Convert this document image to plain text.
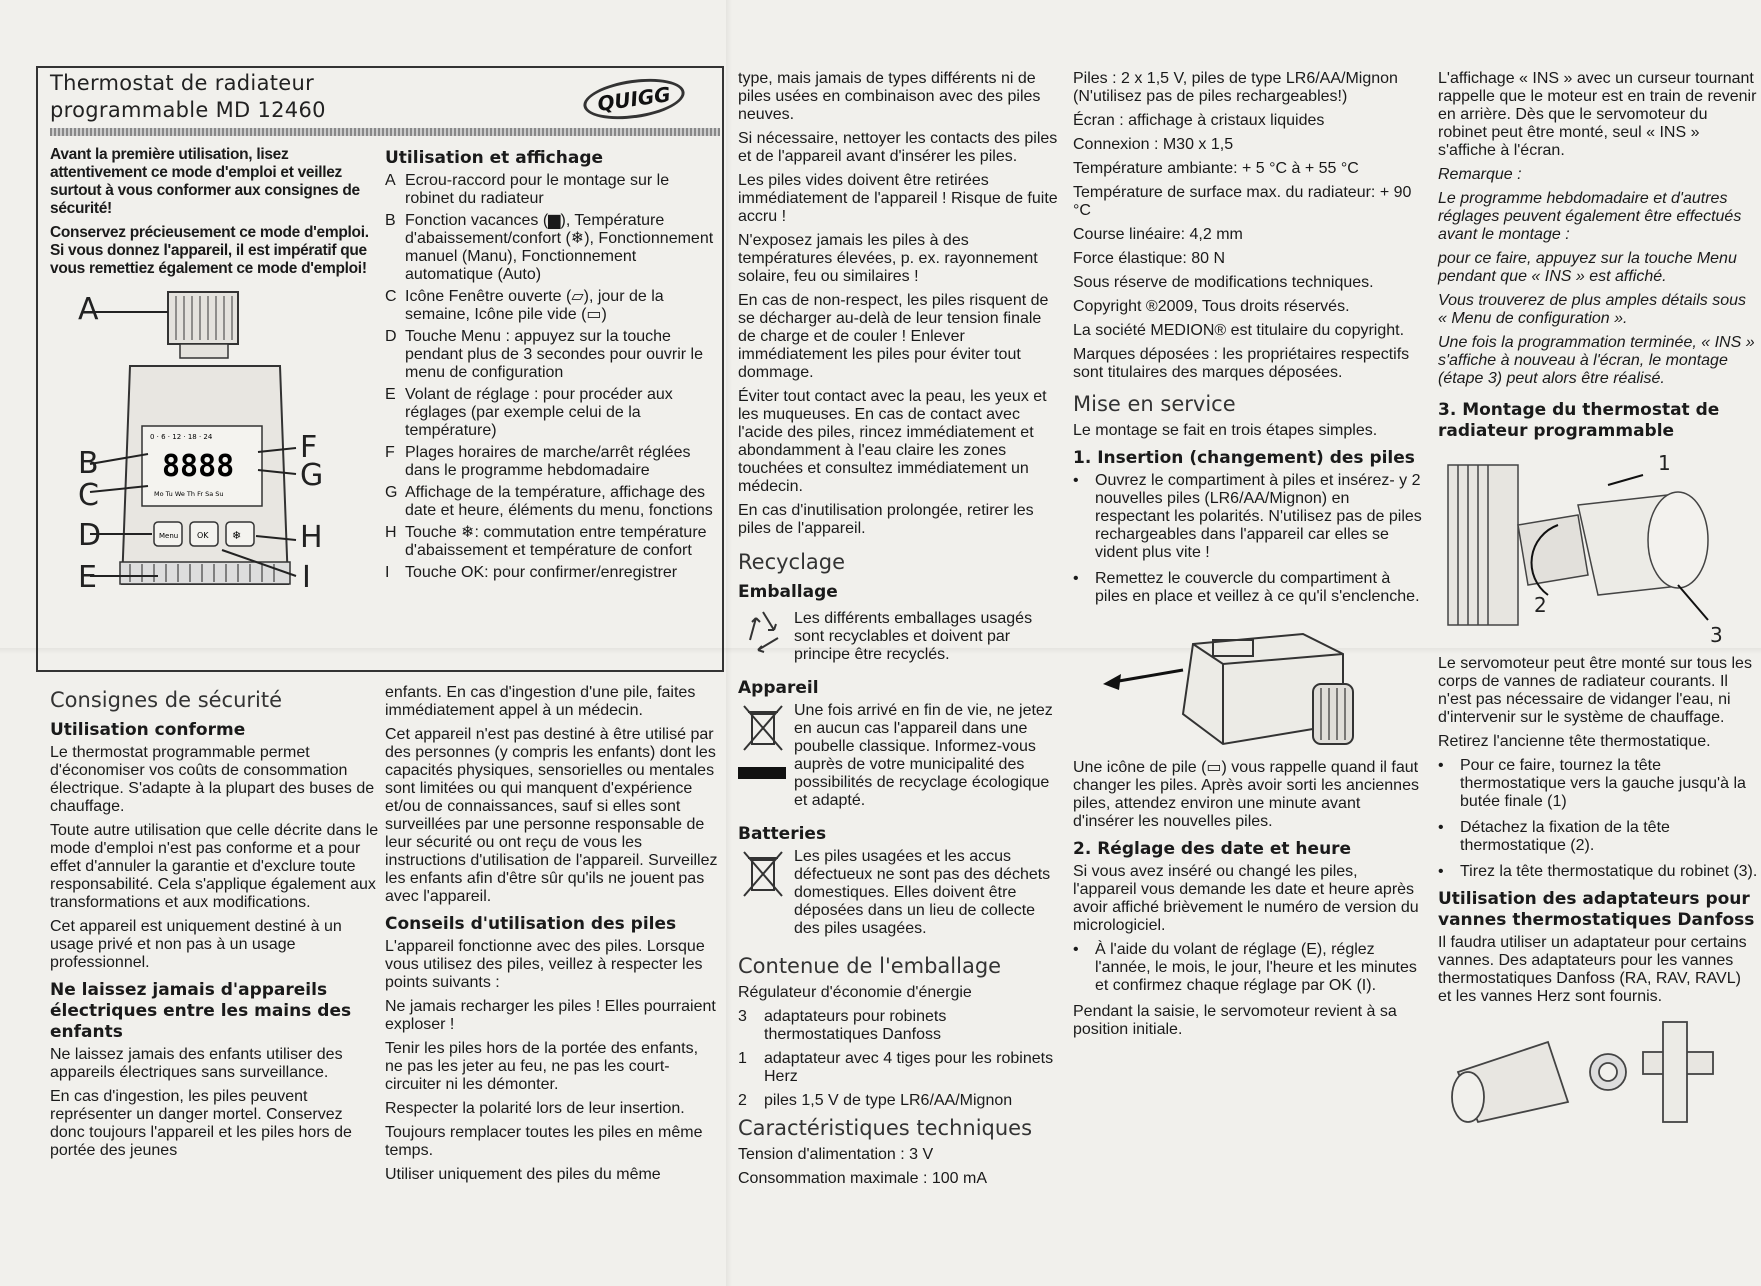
QUIGG
Thermostat de radiateur
programmable MD 12460

Avant la première utilisation, lisez attentivement ce mode d'emploi et veillez surtout à vous conformer aux consignes de sécurité!

Conservez précieusement ce mode d'emploi. Si vous donnez l'appareil, il est impératif que vous remettiez également ce mode d'emploi!

0 · 6 · 12 · 18 · 24
8888
Mo Tu We Th Fr Sa Su
Menu OK ❄
A
B
C
D
E
F
G
H
I
Utilisation et affichage
A Ecrou-raccord pour le montage sur le robinet du radiateur
B Fonction vacances (▆), Température d'abaissement/confort (❄), Fonctionnement manuel (Manu), Fonctionnement automatique (Auto)
C Icône Fenêtre ouverte (▱), jour de la semaine, Icône pile vide (▭)
D Touche Menu : appuyez sur la touche pendant plus de 3 secondes pour ouvrir le menu de configuration
E Volant de réglage : pour procéder aux réglages (par exemple celui de la température)
F Plages horaires de marche/arrêt réglées dans le programme hebdomadaire
G Affichage de la température, affichage des date et heure, éléments du menu, fonctions
H Touche ❄: commutation entre température d'abaissement et température de confort
I Touche OK: pour confirmer/enregistrer
Consignes de sécurité
Utilisation conforme

Le thermostat programmable permet d'économiser vos coûts de consommation électrique. S'adapte à la plupart des buses de chauffage.

Toute autre utilisation que celle décrite dans le mode d'emploi n'est pas conforme et a pour effet d'annuler la garantie et d'exclure toute responsabilité. Cela s'applique également aux transformations et aux modifications.

Cet appareil est uniquement destiné à un usage privé et non pas à un usage professionnel.

Ne laissez jamais d'appareils électriques entre les mains des enfants

Ne laissez jamais des enfants utiliser des appareils électriques sans surveillance.

En cas d'ingestion, les piles peuvent représenter un danger mortel. Conservez donc toujours l'appareil et les piles hors de portée des jeunes

enfants. En cas d'ingestion d'une pile, faites immédiatement appel à un médecin.

Cet appareil n'est pas destiné à être utilisé par des personnes (y compris les enfants) dont les capacités physiques, sensorielles ou mentales sont limitées ou qui manquent d'expérience et/ou de connaissances, sauf si elles sont surveillées par une personne responsable de leur sécurité ou ont reçu de vous les instructions d'utilisation de l'appareil. Surveillez les enfants afin d'être sûr qu'ils ne jouent pas avec l'appareil.

Conseils d'utilisation des piles

L'appareil fonctionne avec des piles. Lorsque vous utilisez des piles, veillez à respecter les points suivants :

Ne jamais recharger les piles ! Elles pourraient exploser !

Tenir les piles hors de la portée des enfants, ne pas les jeter au feu, ne pas les court-circuiter ni les démonter.

Respecter la polarité lors de leur insertion.

Toujours remplacer toutes les piles en même temps.

Utiliser uniquement des piles du même

type, mais jamais de types différents ni de piles usées en combinaison avec des piles neuves.

Si nécessaire, nettoyer les contacts des piles et de l'appareil avant d'insérer les piles.

Les piles vides doivent être retirées immédiatement de l'appareil ! Risque de fuite accru !

N'exposez jamais les piles à des températures élevées, p. ex. rayonnement solaire, feu ou similaires !

En cas de non-respect, les piles risquent de se décharger au-delà de leur tension finale de charge et de couler ! Enlever immédiatement les piles pour éviter tout dommage.

Éviter tout contact avec la peau, les yeux et les muqueuses. En cas de contact avec l'acide des piles, rincez immédiatement et abondamment à l'eau claire les zones touchées et consultez immédiatement un médecin.

En cas d'inutilisation prolongée, retirer les piles de l'appareil.

Recyclage
Emballage

Les différents emballages usagés sont recyclables et doivent par principe être recyclés.

Appareil

Une fois arrivé en fin de vie, ne jetez en aucun cas l'appareil dans une poubelle classique. Informez-vous auprès de votre municipalité des possibilités de recyclage écologique et adapté.

Batteries

Les piles usagées et les accus défectueux ne sont pas des déchets domestiques. Elles doivent être déposées dans un lieu de collecte des piles usagées.

Contenue de l'emballage

Régulateur d'économie d'énergie

3	adaptateurs pour robinets thermostatiques Danfoss
1	adaptateur avec 4 tiges pour les robinets Herz
2	piles 1,5 V de type LR6/AA/Mignon
Caractéristiques techniques

Tension d'alimentation : 3 V

Consommation maximale : 100 mA

Piles : 2 x 1,5 V, piles de type LR6/AA/Mignon (N'utilisez pas de piles rechargeables!)

Écran : affichage à cristaux liquides

Connexion : M30 x 1,5

Température ambiante: + 5 °C à + 55 °C

Température de surface max. du radiateur: + 90 °C

Course linéaire: 4,2 mm

Force élastique: 80 N

Sous réserve de modifications techniques.

Copyright ®2009, Tous droits réservés.

La société MEDION® est titulaire du copyright.

Marques déposées : les propriétaires respectifs sont titulaires des marques déposées.

Mise en service

Le montage se fait en trois étapes simples.

1. Insertion (changement) des piles
•	Ouvrez le compartiment à piles et insérez- y 2 nouvelles piles (LR6/AA/Mignon) en respectant les polarités. N'utilisez pas de piles rechargeables dans l'appareil car elles se vident plus vite !
•	Remettez le couvercle du compartiment à piles en place et veillez à ce qu'il s'enclenche.

Une icône de pile (▭) vous rappelle quand il faut changer les piles. Après avoir sorti les anciennes piles, attendez environ une minute avant d'insérer les nouvelles piles.

2. Réglage des date et heure

Si vous avez inséré ou changé les piles, l'appareil vous demande les date et heure après avoir affiché brièvement le numéro de version du micrologiciel.

•	À l'aide du volant de réglage (E), réglez l'année, le mois, le jour, l'heure et les minutes et confirmez chaque réglage par OK (I).

Pendant la saisie, le servomoteur revient à sa position initiale.

L'affichage « INS » avec un curseur tournant rappelle que le moteur est en train de revenir en arrière. Dès que le servomoteur du robinet peut être monté, seul « INS » s'affiche à l'écran.

Remarque :

Le programme hebdomadaire et d'autres réglages peuvent également être effectués avant le montage :

pour ce faire, appuyez sur la touche Menu pendant que « INS » est affiché.

Vous trouverez de plus amples détails sous « Menu de configuration ».

Une fois la programmation terminée, « INS » s'affiche à nouveau à l'écran, le montage (étape 3) peut alors être réalisé.

3. Montage du thermostat de radiateur programmable
1
2
3

Le servomoteur peut être monté sur tous les corps de vannes de radiateur courants. Il n'est pas nécessaire de vidanger l'eau, ni d'intervenir sur le système de chauffage.

Retirez l'ancienne tête thermostatique.

•	Pour ce faire, tournez la tête thermostatique vers la gauche jusqu'à la butée finale (1)
•	Détachez la fixation de la tête thermostatique (2).
•	Tirez la tête thermostatique du robinet (3).
Utilisation des adaptateurs pour vannes thermostatiques Danfoss

Il faudra utiliser un adaptateur pour certains vannes. Des adaptateurs pour les vannes thermostatiques Danfoss (RA, RAV, RAVL) et les vannes Herz sont fournis.
